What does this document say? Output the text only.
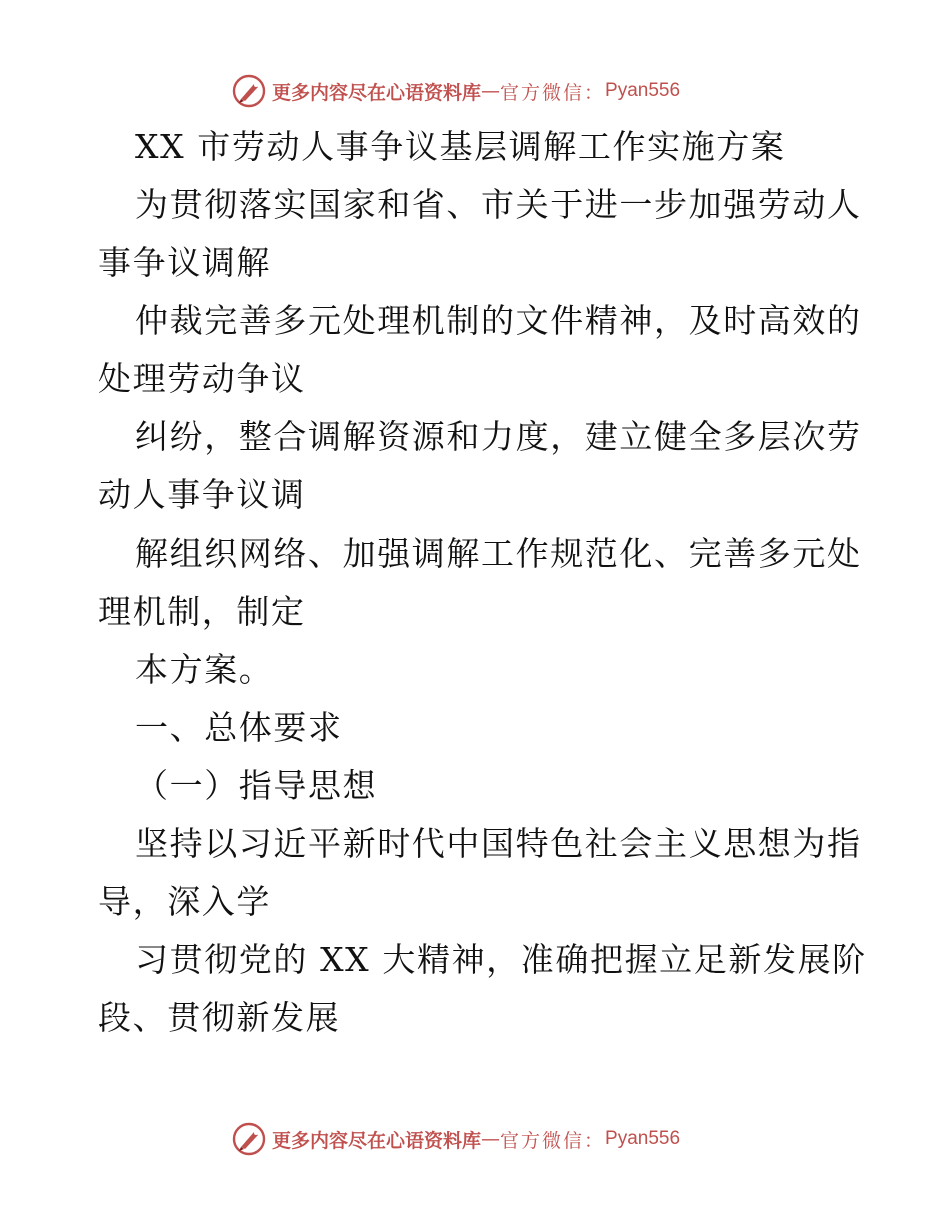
更多内容尽在心语资料库 — 官方微信： Pyan556

XX 市劳动人事争议基层调解工作实施方案

为贯彻落实国家和省、市关于进一步加强劳动人

事争议调解

仲裁完善多元处理机制的文件精神，及时高效的

处理劳动争议

纠纷，整合调解资源和力度，建立健全多层次劳

动人事争议调

解组织网络、加强调解工作规范化、完善多元处

理机制，制定

本方案。

一、总体要求

（一）指导思想

坚持以习近平新时代中国特色社会主义思想为指

导，深入学

习贯彻党的 XX 大精神，准确把握立足新发展阶

段、贯彻新发展

更多内容尽在心语资料库 — 官方微信： Pyan556
